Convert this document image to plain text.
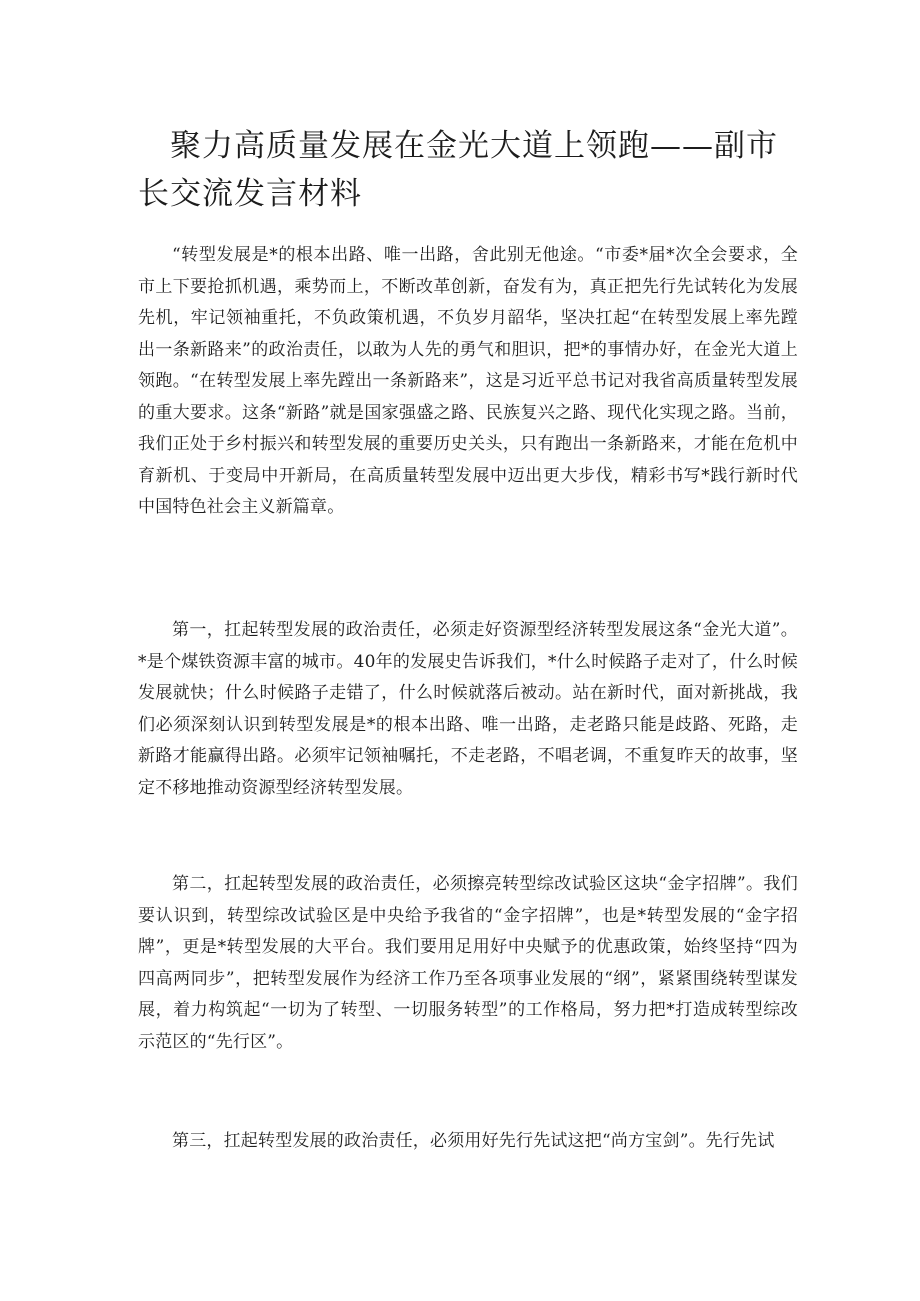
聚力高质量发展在金光大道上领跑——副市长交流发言材料

“转型发展是*的根本出路、唯一出路，舍此别无他途。“市委*届*次全会要求，全市上下要抢抓机遇，乘势而上，不断改革创新，奋发有为，真正把先行先试转化为发展先机，牢记领袖重托，不负政策机遇，不负岁月韶华，坚决扛起“在转型发展上率先蹚出一条新路来”的政治责任，以敢为人先的勇气和胆识，把*的事情办好，在金光大道上领跑。“在转型发展上率先蹚出一条新路来”，这是习近平总书记对我省高质量转型发展的重大要求。这条“新路”就是国家强盛之路、民族复兴之路、现代化实现之路。当前，我们正处于乡村振兴和转型发展的重要历史关头，只有跑出一条新路来，才能在危机中育新机、于变局中开新局，在高质量转型发展中迈出更大步伐，精彩书写*践行新时代中国特色社会主义新篇章。

第一，扛起转型发展的政治责任，必须走好资源型经济转型发展这条“金光大道”。*是个煤铁资源丰富的城市。40年的发展史告诉我们，*什么时候路子走对了，什么时候发展就快；什么时候路子走错了，什么时候就落后被动。站在新时代，面对新挑战，我们必须深刻认识到转型发展是*的根本出路、唯一出路，走老路只能是歧路、死路，走新路才能赢得出路。必须牢记领袖嘱托，不走老路，不唱老调，不重复昨天的故事，坚定不移地推动资源型经济转型发展。

第二，扛起转型发展的政治责任，必须擦亮转型综改试验区这块“金字招牌”。我们要认识到，转型综改试验区是中央给予我省的“金字招牌”，也是*转型发展的“金字招牌”，更是*转型发展的大平台。我们要用足用好中央赋予的优惠政策，始终坚持“四为四高两同步”，把转型发展作为经济工作乃至各项事业发展的“纲”，紧紧围绕转型谋发展，着力构筑起“一切为了转型、一切服务转型”的工作格局，努力把*打造成转型综改示范区的“先行区”。

第三，扛起转型发展的政治责任，必须用好先行先试这把“尚方宝剑”。先行先试
